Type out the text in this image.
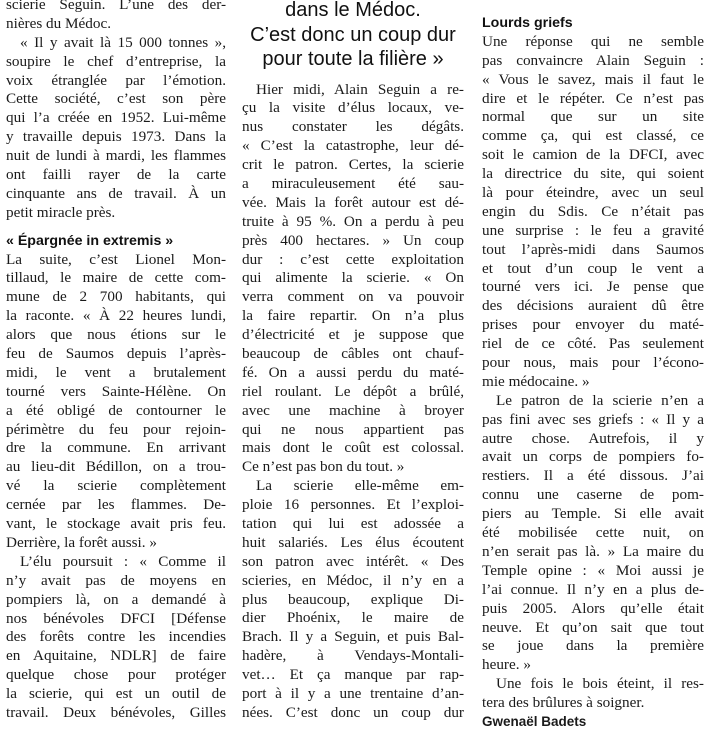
scierie Seguin. L’une des der-
nières du Médoc.
« Il y avait là 15 000 tonnes »,
soupire le chef d’entreprise, la
voix étranglée par l’émotion.
Cette société, c’est son père
qui l’a créée en 1952. Lui-même
y travaille depuis 1973. Dans la
nuit de lundi à mardi, les flammes
ont failli rayer de la carte
cinquante ans de travail. À un
petit miracle près.
« Épargnée in extremis »
La suite, c’est Lionel Mon-
tillaud, le maire de cette com-
mune de 2 700 habitants, qui
la raconte. « À 22 heures lundi,
alors que nous étions sur le
feu de Saumos depuis l’après-
midi, le vent a brutalement
tourné vers Sainte-Hélène. On
a été obligé de contourner le
périmètre du feu pour rejoin-
dre la commune. En arrivant
au lieu-dit Bédillon, on a trou-
vé la scierie complètement
cernée par les flammes. De-
vant, le stockage avait pris feu.
Derrière, la forêt aussi. »
L’élu poursuit : « Comme il
n’y avait pas de moyens en
pompiers là, on a demandé à
nos bénévoles DFCI [Défense
des forêts contre les incendies
en Aquitaine, NDLR] de faire
quelque chose pour protéger
la scierie, qui est un outil de
travail. Deux bénévoles, Gilles
dans le Médoc.
C’est donc un coup dur
pour toute la filière »
Hier midi, Alain Seguin a re-
çu la visite d’élus locaux, ve-
nus constater les dégâts.
« C’est la catastrophe, leur dé-
crit le patron. Certes, la scierie
a miraculeusement été sau-
vée. Mais la forêt autour est dé-
truite à 95 %. On a perdu à peu
près 400 hectares. » Un coup
dur : c’est cette exploitation
qui alimente la scierie. « On
verra comment on va pouvoir
la faire repartir. On n’a plus
d’électricité et je suppose que
beaucoup de câbles ont chauf-
fé. On a aussi perdu du maté-
riel roulant. Le dépôt a brûlé,
avec une machine à broyer
qui ne nous appartient pas
mais dont le coût est colossal.
Ce n’est pas bon du tout. »
La scierie elle-même em-
ploie 16 personnes. Et l’exploi-
tation qui lui est adossée a
huit salariés. Les élus écoutent
son patron avec intérêt. « Des
scieries, en Médoc, il n’y en a
plus beaucoup, explique Di-
dier Phoénix, le maire de
Brach. Il y a Seguin, et puis Bal-
hadère, à Vendays-Montali-
vet… Et ça manque par rap-
port à il y a une trentaine d’an-
nées. C’est donc un coup dur
Lourds griefs
Une réponse qui ne semble
pas convaincre Alain Seguin :
« Vous le savez, mais il faut le
dire et le répéter. Ce n’est pas
normal que sur un site
comme ça, qui est classé, ce
soit le camion de la DFCI, avec
la directrice du site, qui soient
là pour éteindre, avec un seul
engin du Sdis. Ce n’était pas
une surprise : le feu a gravité
tout l’après-midi dans Saumos
et tout d’un coup le vent a
tourné vers ici. Je pense que
des décisions auraient dû être
prises pour envoyer du maté-
riel de ce côté. Pas seulement
pour nous, mais pour l’écono-
mie médocaine. »
Le patron de la scierie n’en a
pas fini avec ses griefs : « Il y a
autre chose. Autrefois, il y
avait un corps de pompiers fo-
restiers. Il a été dissous. J’ai
connu une caserne de pom-
piers au Temple. Si elle avait
été mobilisée cette nuit, on
n’en serait pas là. » La maire du
Temple opine : « Moi aussi je
l’ai connue. Il n’y en a plus de-
puis 2005. Alors qu’elle était
neuve. Et qu’on sait que tout
se joue dans la première
heure. »
Une fois le bois éteint, il res-
tera des brûlures à soigner.
Gwenaël Badets
